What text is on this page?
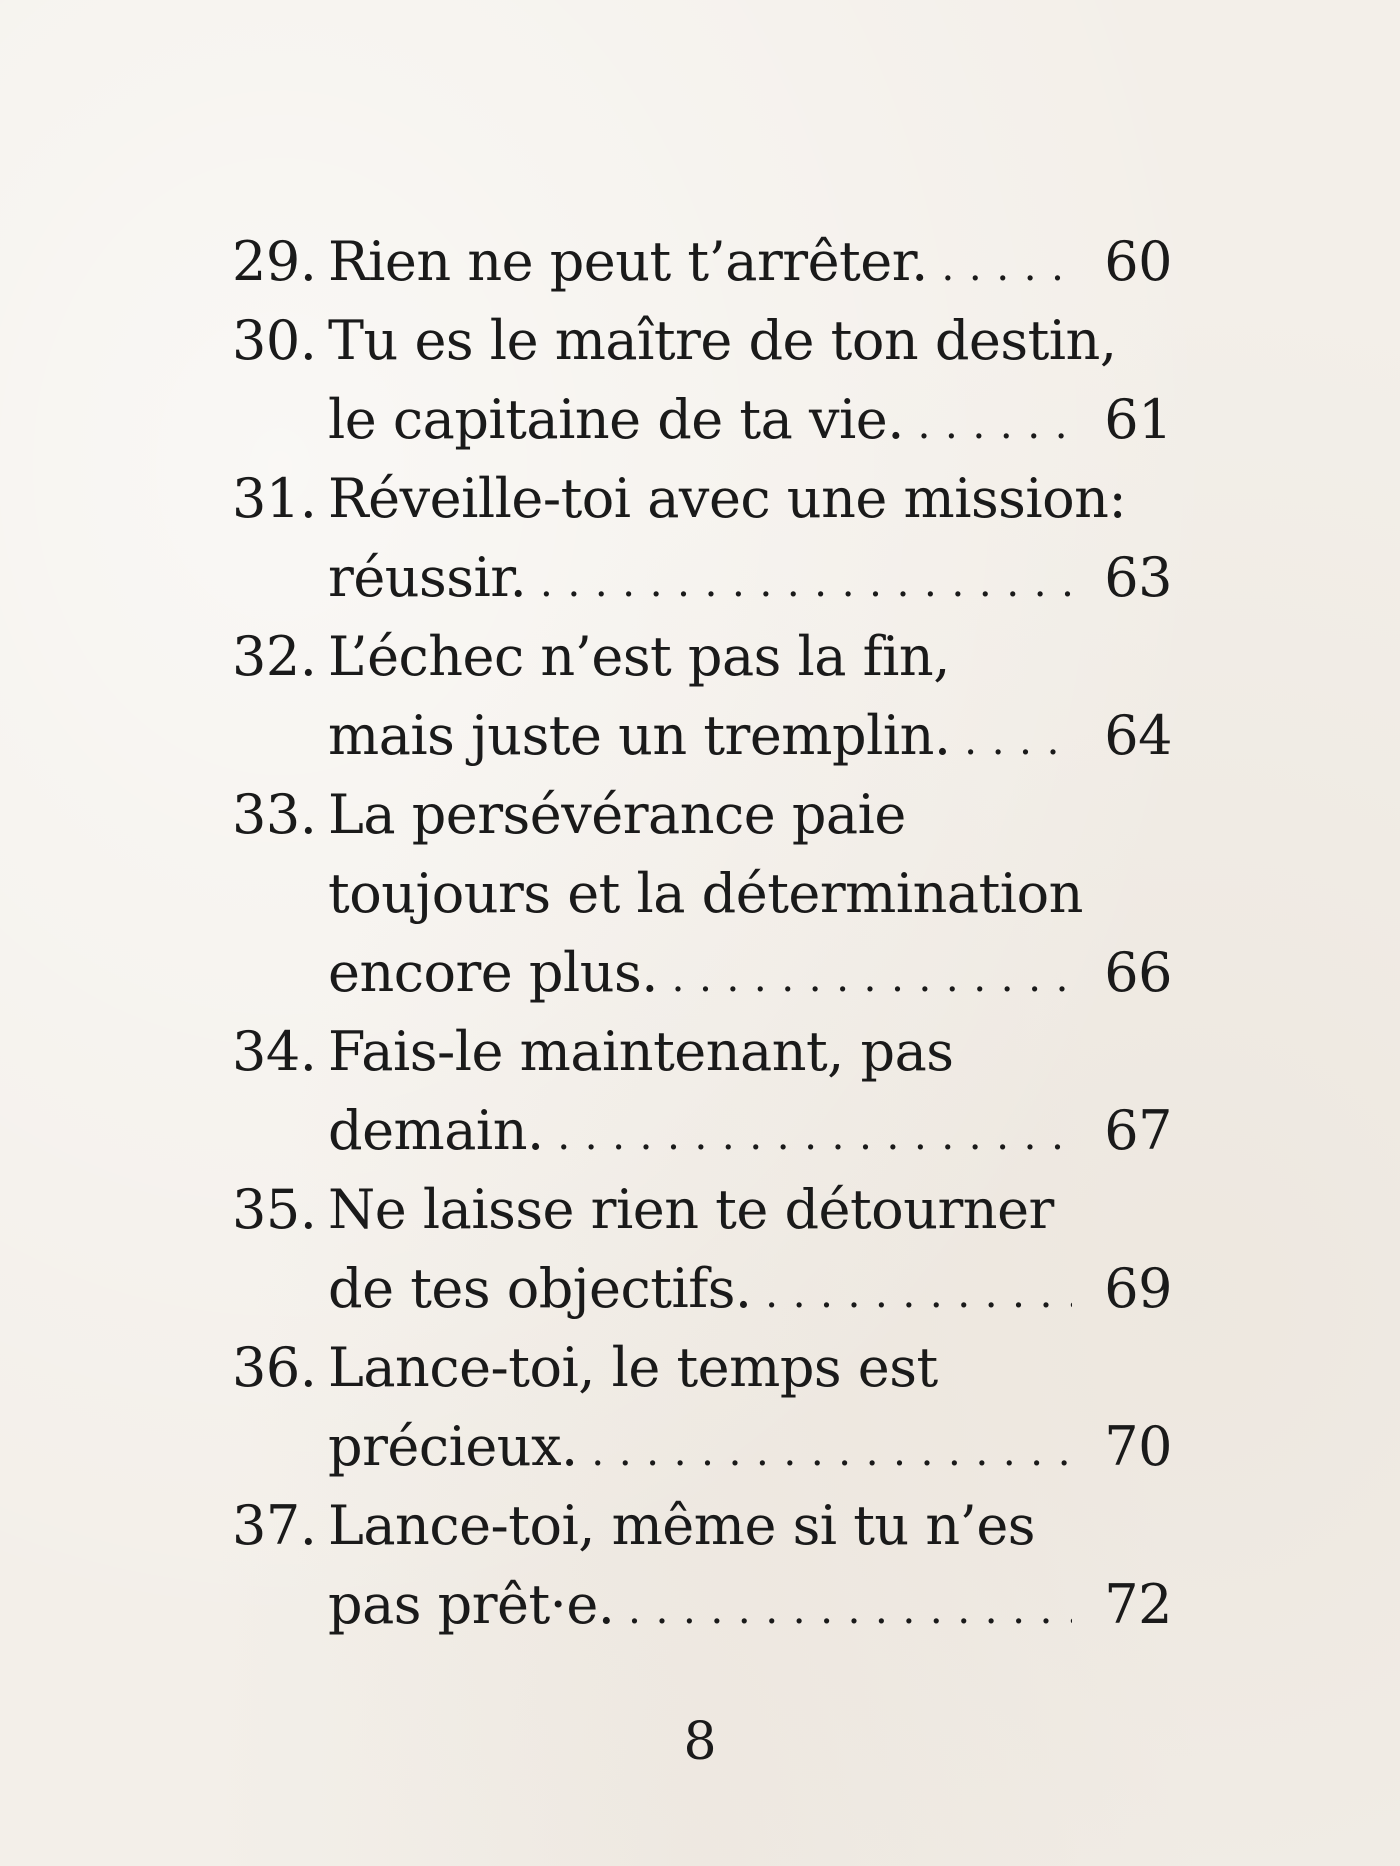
29. Rien ne peut t’arrêter. . . .	60
30. Tu es le maître de ton destin,
le capitaine de ta vie. . . .	61
31. Réveille-toi avec une mission:
réussir. . . .	63
32. L’échec n’est pas la fin,
mais juste un tremplin. . . .	64
33. La persévérance paie
toujours et la détermination
encore plus. . . .	66
34. Fais-le maintenant, pas
demain. . . .	67
35. Ne laisse rien te détourner
de tes objectifs. . . .	69
36. Lance-toi, le temps est
précieux. . . .	70
37. Lance-toi, même si tu n’es
pas prêt·e. . . .	72
8
